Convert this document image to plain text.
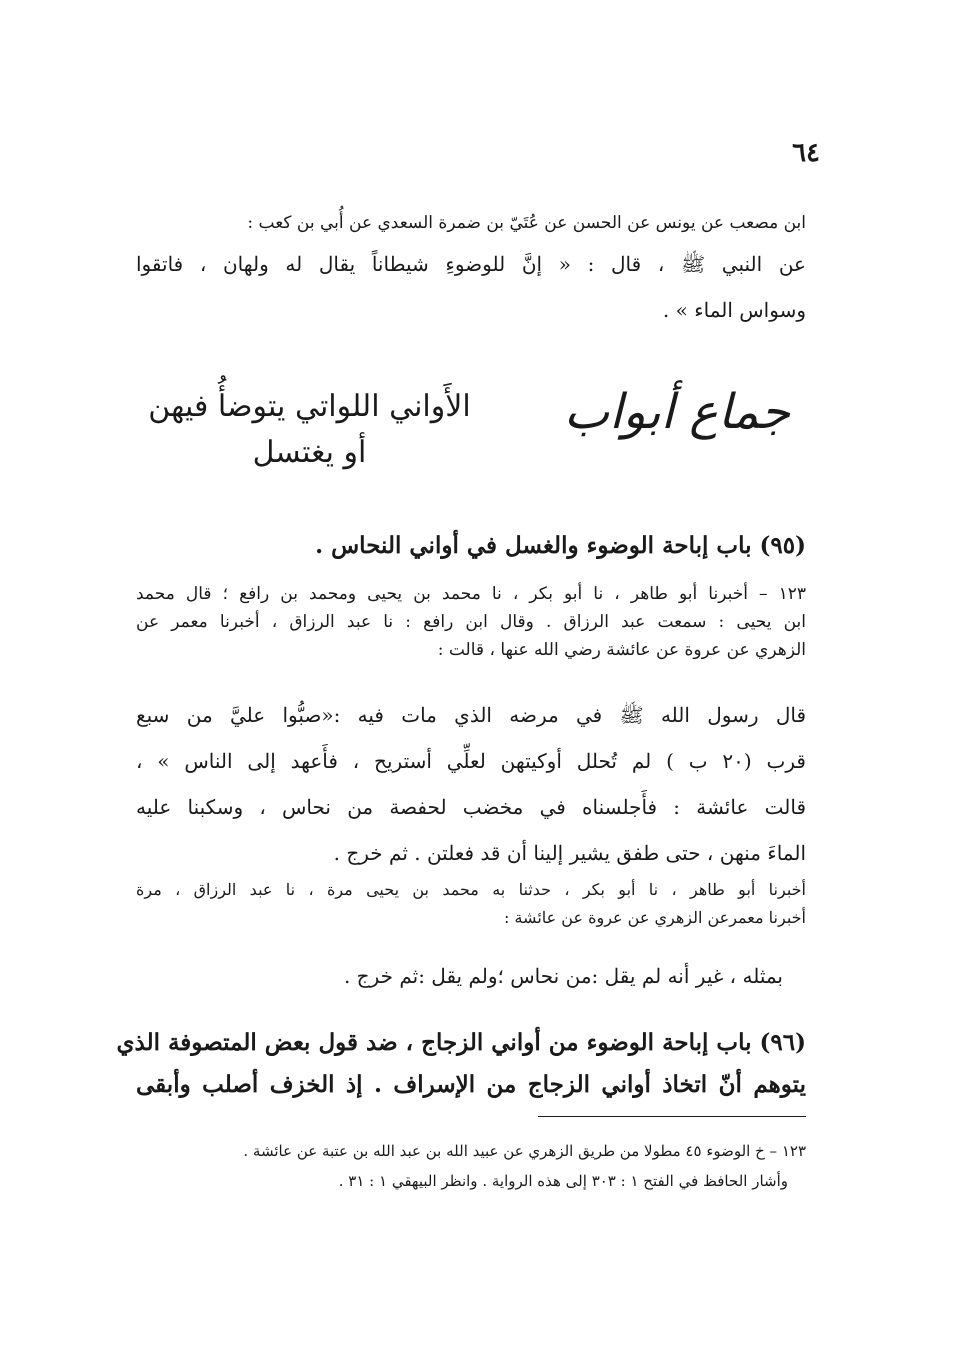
٦٤
ابن مصعب عن يونس عن الحسن عن عُتَيّ بن ضمرة السعدي عن أُبي بن كعب :
عن النبي ﷺ ، قال : « إنَّ للوضوءِ شيطاناً يقال له ولهان ، فاتقوا
وسواس الماء » .
جماع أبواب
الأَواني اللواتي يتوضأُ فيهن
أو يغتسل
(٩٥) باب إباحة الوضوء والغسل في أواني النحاس .
١٢٣ – أخبرنا أبو طاهر ، نا أبو بكر ، نا محمد بن يحيى ومحمد بن رافع ؛ قال محمد
ابن يحيى : سمعت عبد الرزاق . وقال ابن رافع : نا عبد الرزاق ، أخبرنا معمر عن
الزهري عن عروة عن عائشة رضي الله عنها ، قالت :
قال رسول الله ﷺ في مرضه الذي مات فيه :«صبُّوا عليَّ من سبع
قرب (٢٠ ب ) لم تُحلل أوكيتهن لعلِّي أستريح ، فأَعهد إلى الناس » ،
قالت عائشة : فأَجلسناه في مخضب لحفصة من نحاس ، وسكبنا عليه
الماءَ منهن ، حتى طفق يشير إلينا أن قد فعلتن . ثم خرج .
أخبرنا أبو طاهر ، نا أبو بكر ، حدثنا به محمد بن يحيى مرة ، نا عبد الرزاق ، مرة
أخبرنا معمرعن الزهري عن عروة عن عائشة :
بمثله ، غير أنه لم يقل :من نحاس ؛ولم يقل :ثم خرج .
(٩٦) باب إباحة الوضوء من أواني الزجاج ، ضد قول بعض المتصوفة الذي
يتوهم أنّ اتخاذ أواني الزجاج من الإسراف . إذ الخزف أصلب وأبقى
١٢٣ – خ الوضوء ٤٥ مطولا من طريق الزهري عن عبيد الله بن عبد الله بن عتبة عن عائشة .
وأشار الحافظ في الفتح ١ : ٣٠٣ إلى هذه الرواية . وانظر البيهقي ١ : ٣١ .
